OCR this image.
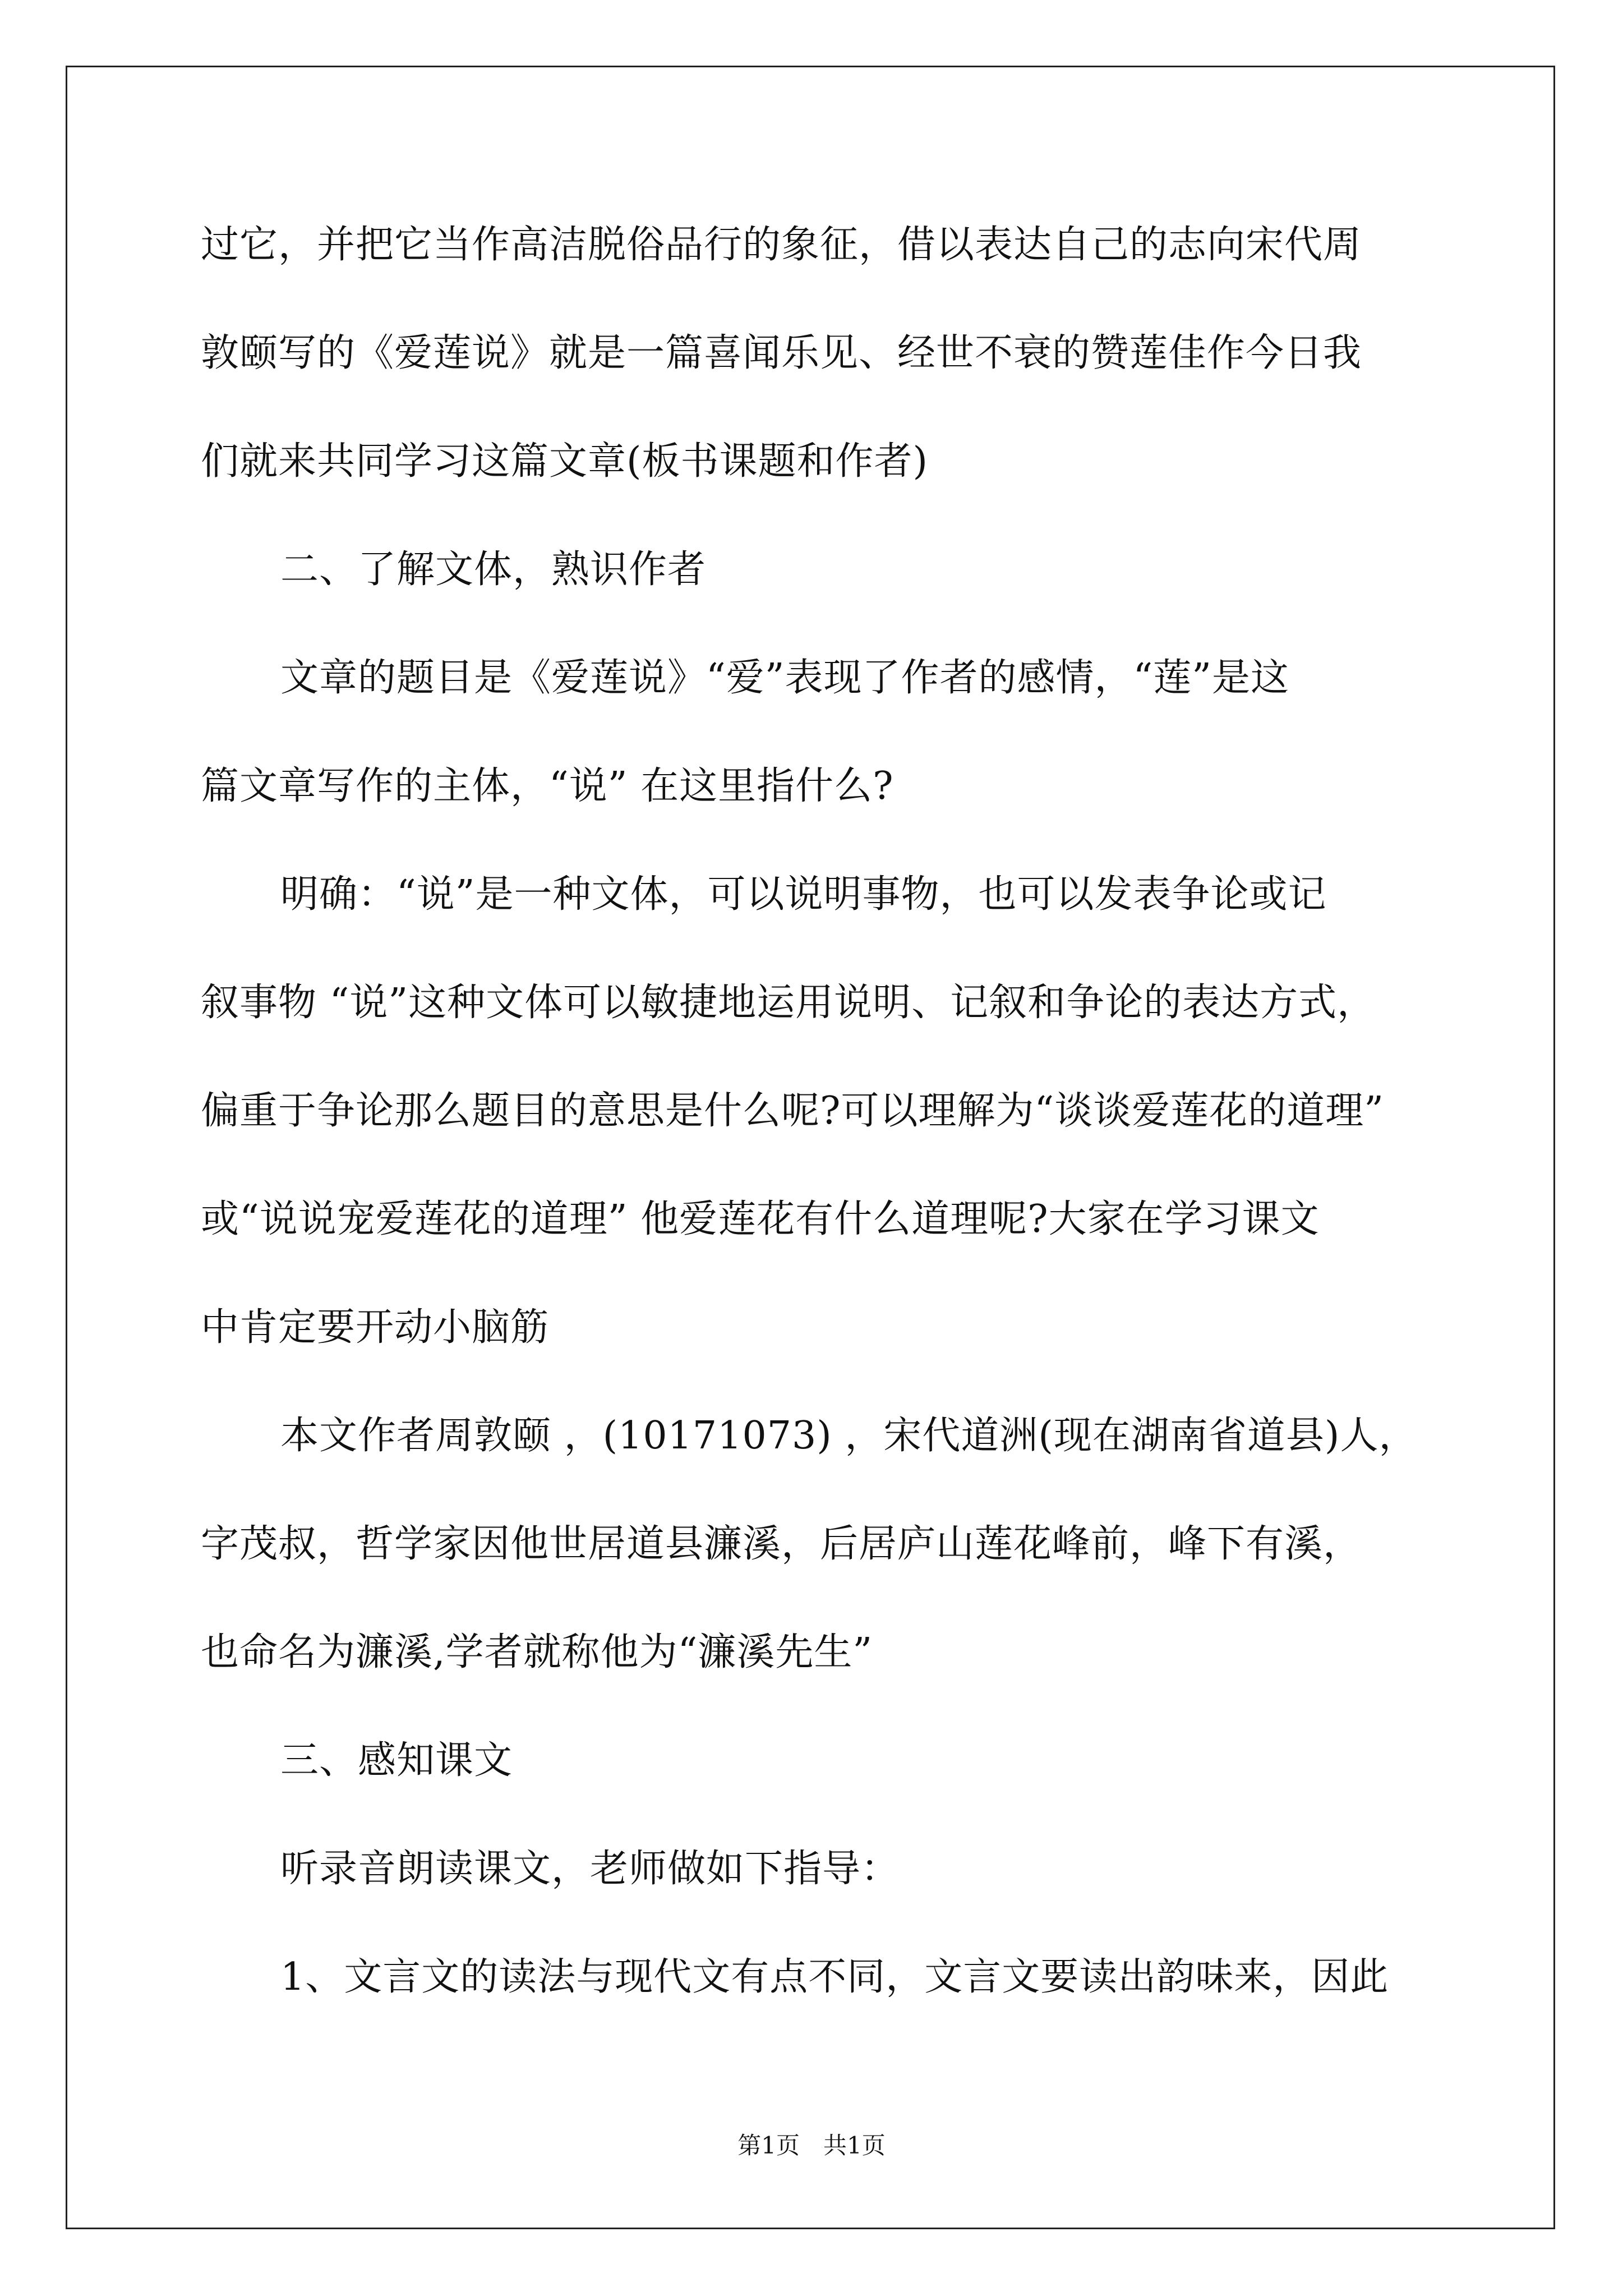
过它，并把它当作高洁脱俗品行的象征，借以表达自己的志向宋代周
敦颐写的《爱莲说》就是一篇喜闻乐见、经世不衰的赞莲佳作今日我
们就来共同学习这篇文章(板书课题和作者)
二、了解文体，熟识作者
文章的题目是《爱莲说》“爱”表现了作者的感情，“莲”是这
篇文章写作的主体，“说” 在这里指什么?
明确：“说”是一种文体，可以说明事物，也可以发表争论或记
叙事物 “说”这种文体可以敏捷地运用说明、记叙和争论的表达方式，
偏重于争论那么题目的意思是什么呢?可以理解为“谈谈爱莲花的道理”
或“说说宠爱莲花的道理” 他爱莲花有什么道理呢?大家在学习课文
中肯定要开动小脑筋
本文作者周敦颐 ，(10171073) ，宋代道洲(现在湖南省道县)人，
字茂叔，哲学家因他世居道县濂溪，后居庐山莲花峰前，峰下有溪，
也命名为濂溪,学者就称他为“濂溪先生”
三、感知课文
听录音朗读课文，老师做如下指导：
1、文言文的读法与现代文有点不同，文言文要读出韵味来，因此
第1页　共1页
